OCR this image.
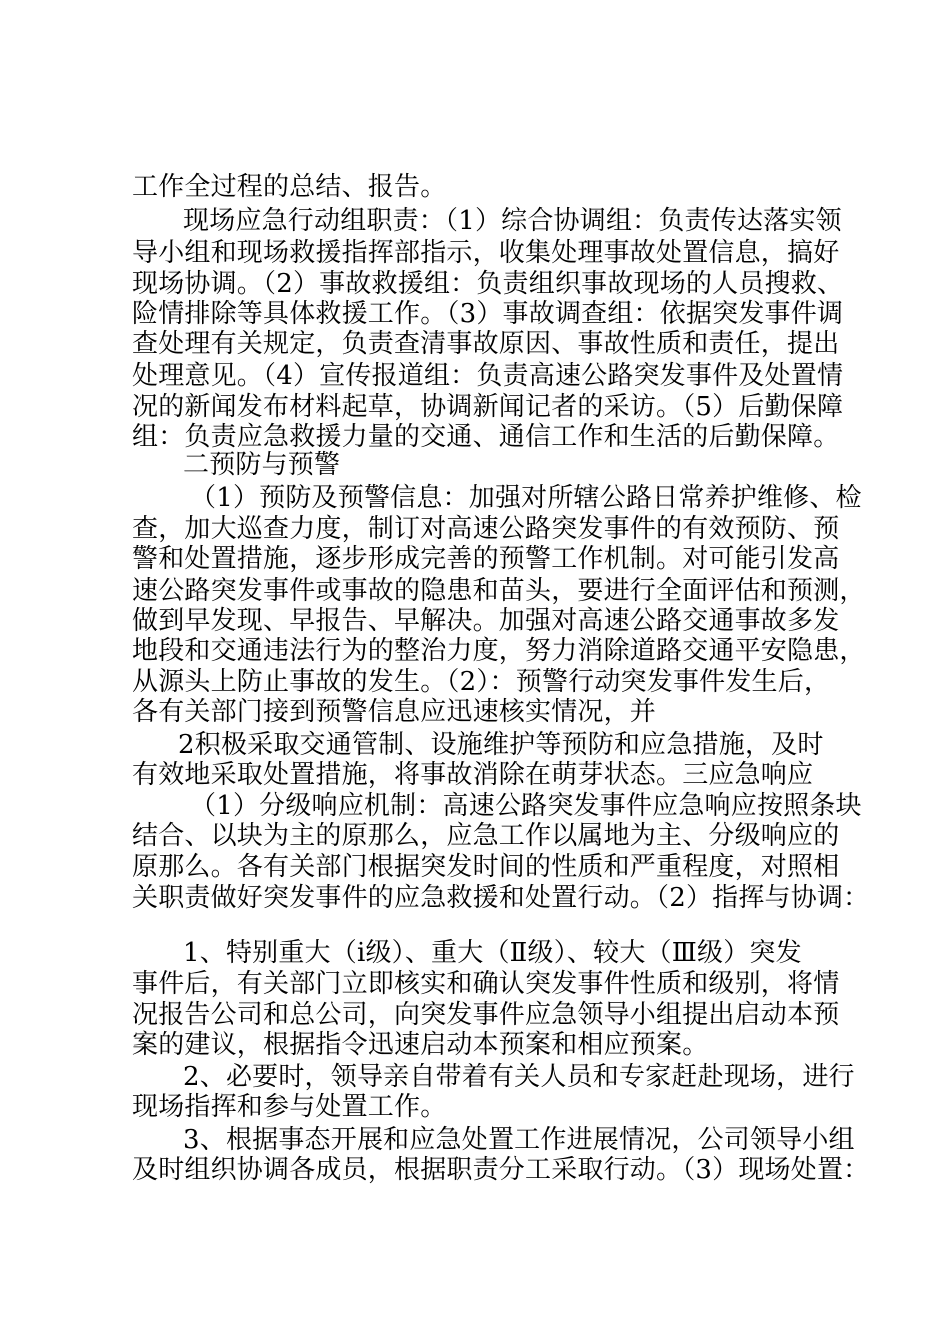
工作全过程的总结、报告。
现场应急行动组职责：（1）综合协调组：负责传达落实领
导小组和现场救援指挥部指示，收集处理事故处置信息，搞好
现场协调。（2）事故救援组：负责组织事故现场的人员搜救、
险情排除等具体救援工作。（3）事故调查组：依据突发事件调
查处理有关规定，负责查清事故原因、事故性质和责任，提出
处理意见。（4）宣传报道组：负责高速公路突发事件及处置情
况的新闻发布材料起草，协调新闻记者的采访。（5）后勤保障
组：负责应急救援力量的交通、通信工作和生活的后勤保障。
二预防与预警
（1）预防及预警信息：加强对所辖公路日常养护维修、检
查，加大巡查力度，制订对高速公路突发事件的有效预防、预
警和处置措施，逐步形成完善的预警工作机制。对可能引发高
速公路突发事件或事故的隐患和苗头，要进行全面评估和预测，
做到早发现、早报告、早解决。加强对高速公路交通事故多发
地段和交通违法行为的整治力度，努力消除道路交通平安隐患，
从源头上防止事故的发生。（2）：预警行动突发事件发生后，
各有关部门接到预警信息应迅速核实情况，并
2积极采取交通管制、设施维护等预防和应急措施，及时
有效地采取处置措施，将事故消除在萌芽状态。三应急响应
（1）分级响应机制：高速公路突发事件应急响应按照条块
结合、以块为主的原那么，应急工作以属地为主、分级响应的
原那么。各有关部门根据突发时间的性质和严重程度，对照相
关职责做好突发事件的应急救援和处置行动。（2）指挥与协调：
1、特别重大（ⅰ级）、重大（Ⅱ级）、较大（Ⅲ级）突发
事件后，有关部门立即核实和确认突发事件性质和级别，将情
况报告公司和总公司，向突发事件应急领导小组提出启动本预
案的建议，根据指令迅速启动本预案和相应预案。
2、必要时，领导亲自带着有关人员和专家赶赴现场，进行
现场指挥和参与处置工作。
3、根据事态开展和应急处置工作进展情况，公司领导小组
及时组织协调各成员，根据职责分工采取行动。（3）现场处置：
